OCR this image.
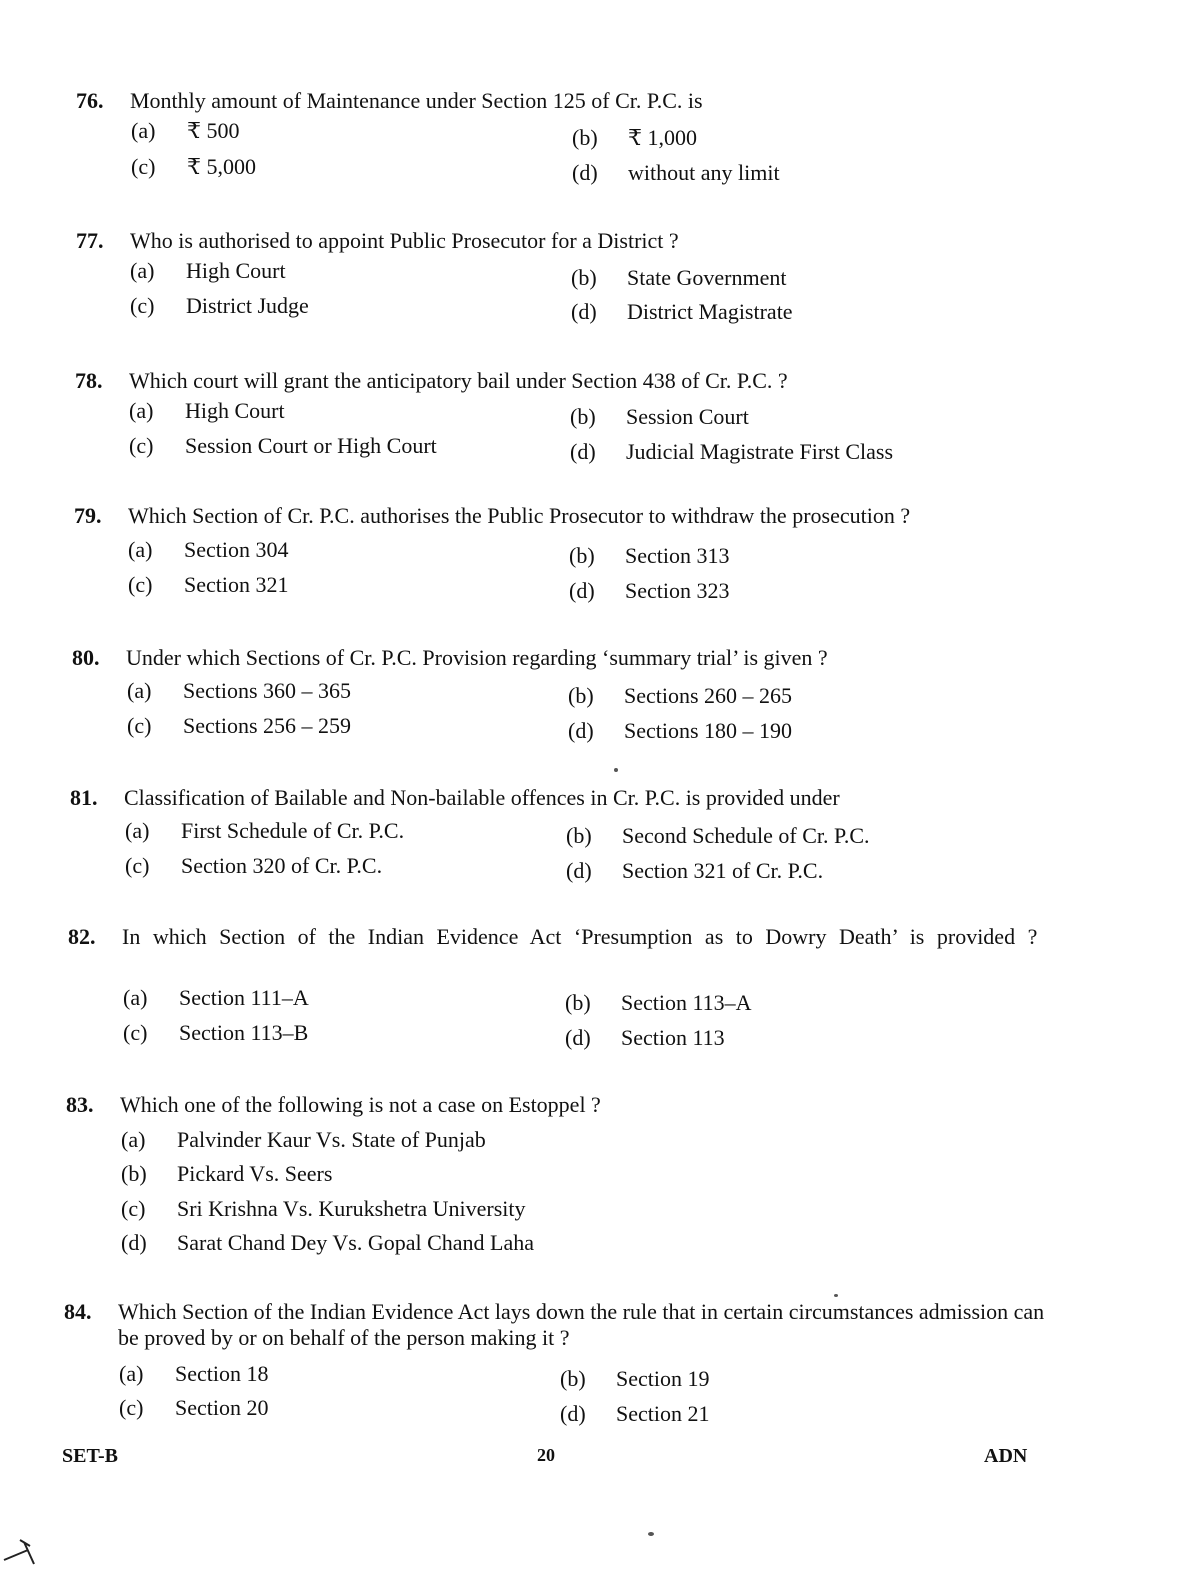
76. Monthly amount of Maintenance under Section 125 of Cr. P.C. is
(a) ₹ 500	(b) ₹ 1,000
(c) ₹ 5,000	(d) without any limit
77. Who is authorised to appoint Public Prosecutor for a District ?
(a) High Court	(b) State Government
(c) District Judge	(d) District Magistrate
78. Which court will grant the anticipatory bail under Section 438 of Cr. P.C. ?
(a) High Court	(b) Session Court
(c) Session Court or High Court	(d) Judicial Magistrate First Class
79. Which Section of Cr. P.C. authorises the Public Prosecutor to withdraw the prosecution ?
(a) Section 304	(b) Section 313
(c) Section 321	(d) Section 323
80. Under which Sections of Cr. P.C. Provision regarding ‘summary trial’ is given ?
(a) Sections 360 – 365	(b) Sections 260 – 265
(c) Sections 256 – 259	(d) Sections 180 – 190
81. Classification of Bailable and Non-bailable offences in Cr. P.C. is provided under
(a) First Schedule of Cr. P.C.	(b) Second Schedule of Cr. P.C.
(c) Section 320 of Cr. P.C.	(d) Section 321 of Cr. P.C.
82. In which Section of the Indian Evidence Act ‘Presumption as to Dowry Death’ is provided ?
(a) Section 111–A	(b) Section 113–A
(c) Section 113–B	(d) Section 113
83. Which one of the following is not a case on Estoppel ?
(a) Palvinder Kaur Vs. State of Punjab
(b) Pickard Vs. Seers
(c) Sri Krishna Vs. Kurukshetra University
(d) Sarat Chand Dey Vs. Gopal Chand Laha
84. Which Section of the Indian Evidence Act lays down the rule that in certain circumstances admission can be proved by or on behalf of the person making it ?
(a) Section 18	(b) Section 19
(c) Section 20	(d) Section 21
SET-B	20	ADN
